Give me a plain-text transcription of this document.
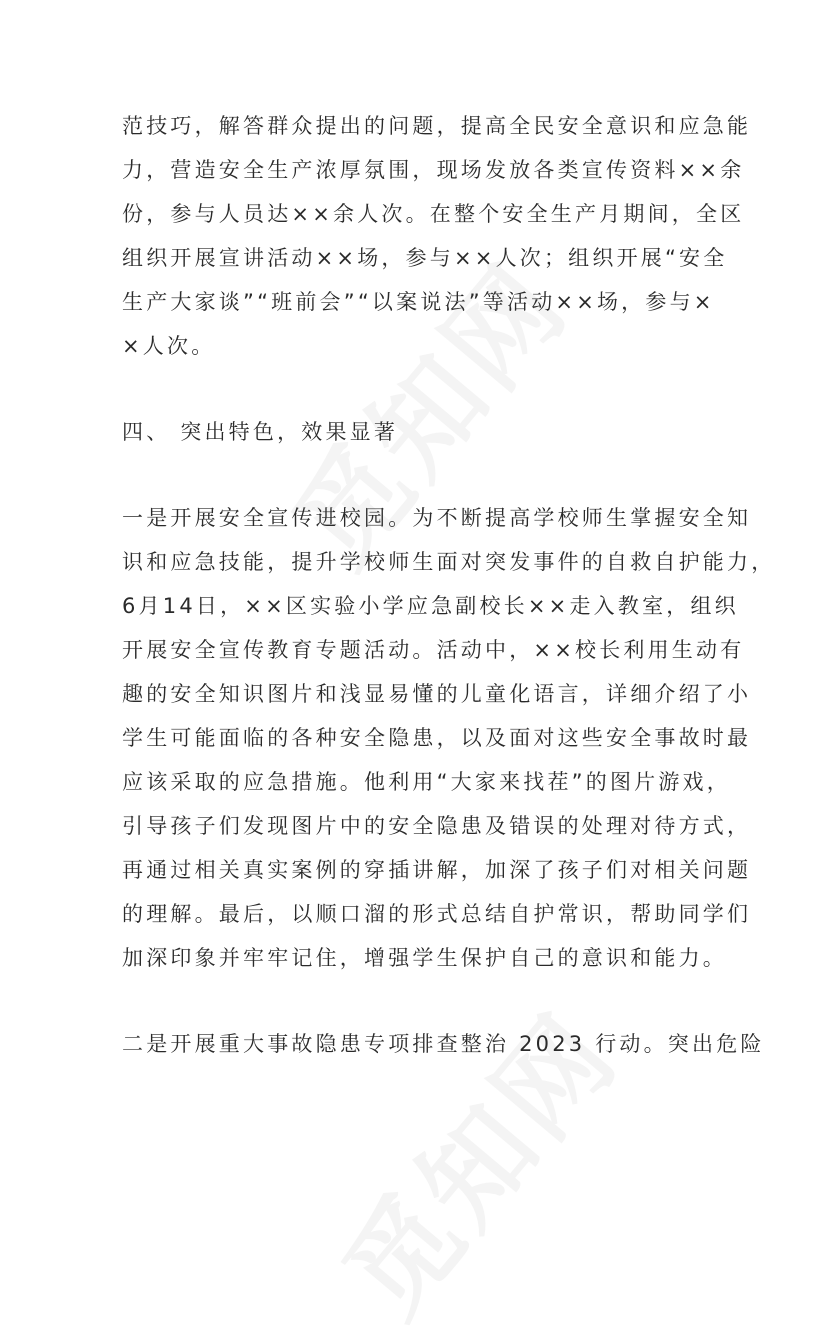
范技巧，解答群众提出的问题，提高全民安全意识和应急能
力，营造安全生产浓厚氛围，现场发放各类宣传资料××余
份，参与人员达××余人次。在整个安全生产月期间，全区
组织开展宣讲活动××场，参与××人次；组织开展“安全
生产大家谈”“班前会”“以案说法”等活动××场，参与×
×人次。
四、 突出特色，效果显著
一是开展安全宣传进校园。为不断提高学校师生掌握安全知
识和应急技能，提升学校师生面对突发事件的自救自护能力，
6月14日，××区实验小学应急副校长××走入教室，组织
开展安全宣传教育专题活动。活动中，××校长利用生动有
趣的安全知识图片和浅显易懂的儿童化语言，详细介绍了小
学生可能面临的各种安全隐患，以及面对这些安全事故时最
应该采取的应急措施。他利用“大家来找茬”的图片游戏，
引导孩子们发现图片中的安全隐患及错误的处理对待方式，
再通过相关真实案例的穿插讲解，加深了孩子们对相关问题
的理解。最后，以顺口溜的形式总结自护常识，帮助同学们
加深印象并牢牢记住，增强学生保护自己的意识和能力。
二是开展重大事故隐患专项排查整治 2023 行动。突出危险
